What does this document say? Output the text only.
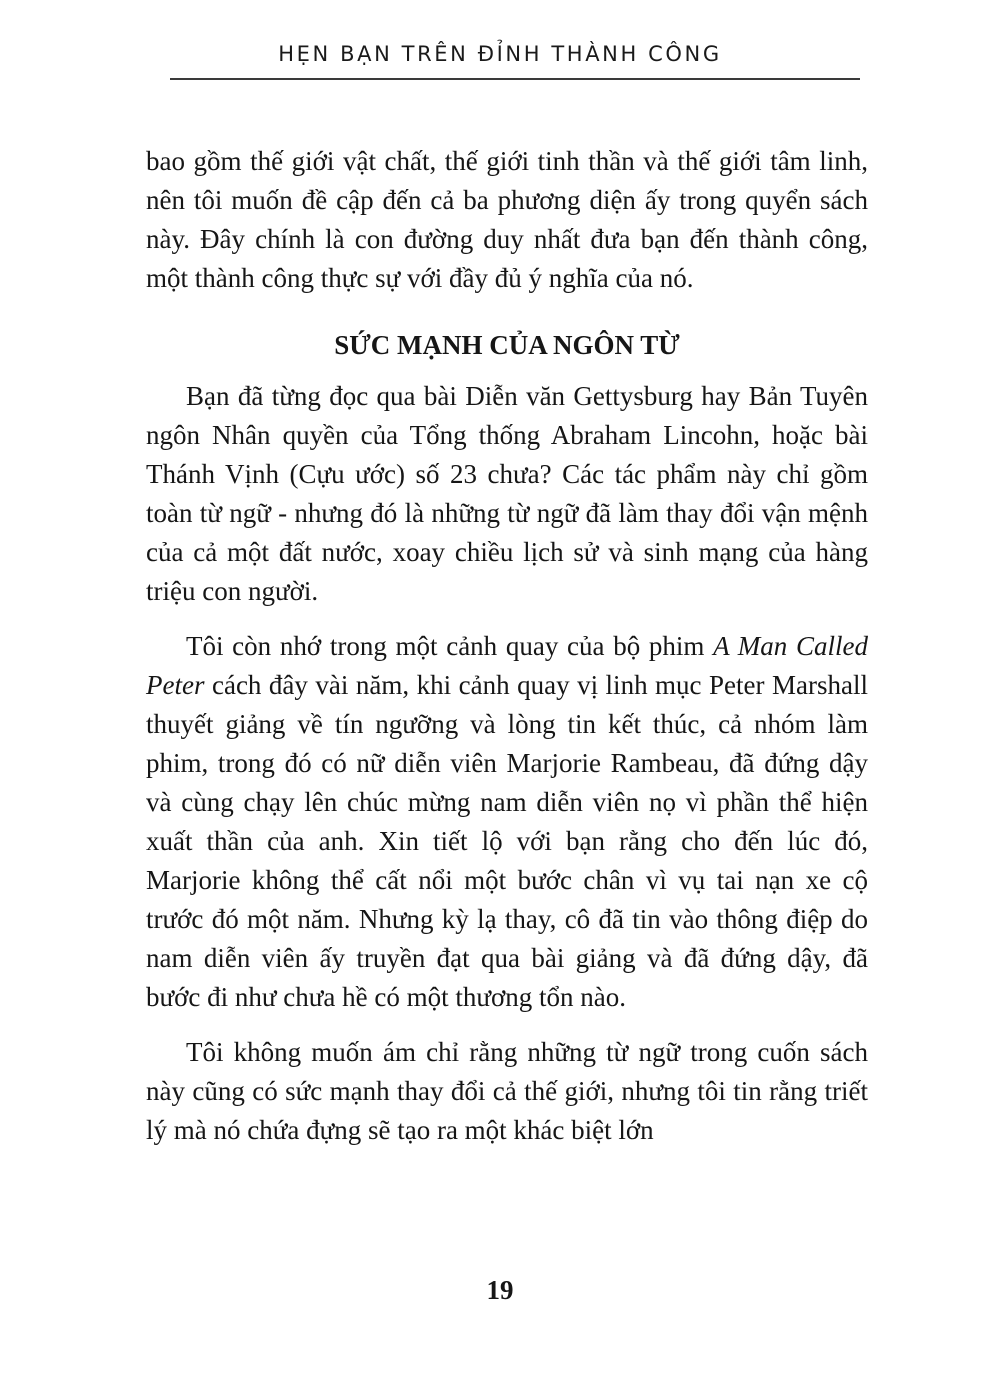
HẸN BẠN TRÊN ĐỈNH THÀNH CÔNG

bao gồm thế giới vật chất, thế giới tinh thần và thế giới tâm linh, nên tôi muốn đề cập đến cả ba phương diện ấy trong quyển sách này. Đây chính là con đường duy nhất đưa bạn đến thành công, một thành công thực sự với đầy đủ ý nghĩa của nó.

SỨC MẠNH CỦA NGÔN TỪ

Bạn đã từng đọc qua bài Diễn văn Gettysburg hay Bản Tuyên ngôn Nhân quyền của Tổng thống Abraham Lincohn, hoặc bài Thánh Vịnh (Cựu ước) số 23 chưa? Các tác phẩm này chỉ gồm toàn từ ngữ - nhưng đó là những từ ngữ đã làm thay đổi vận mệnh của cả một đất nước, xoay chiều lịch sử và sinh mạng của hàng triệu con người.

Tôi còn nhớ trong một cảnh quay của bộ phim A Man Called Peter cách đây vài năm, khi cảnh quay vị linh mục Peter Marshall thuyết giảng về tín ngưỡng và lòng tin kết thúc, cả nhóm làm phim, trong đó có nữ diễn viên Marjorie Rambeau, đã đứng dậy và cùng chạy lên chúc mừng nam diễn viên nọ vì phần thể hiện xuất thần của anh. Xin tiết lộ với bạn rằng cho đến lúc đó, Marjorie không thể cất nổi một bước chân vì vụ tai nạn xe cộ trước đó một năm. Nhưng kỳ lạ thay, cô đã tin vào thông điệp do nam diễn viên ấy truyền đạt qua bài giảng và đã đứng dậy, đã bước đi như chưa hề có một thương tổn nào.

Tôi không muốn ám chỉ rằng những từ ngữ trong cuốn sách này cũng có sức mạnh thay đổi cả thế giới, nhưng tôi tin rằng triết lý mà nó chứa đựng sẽ tạo ra một khác biệt lớn

19
